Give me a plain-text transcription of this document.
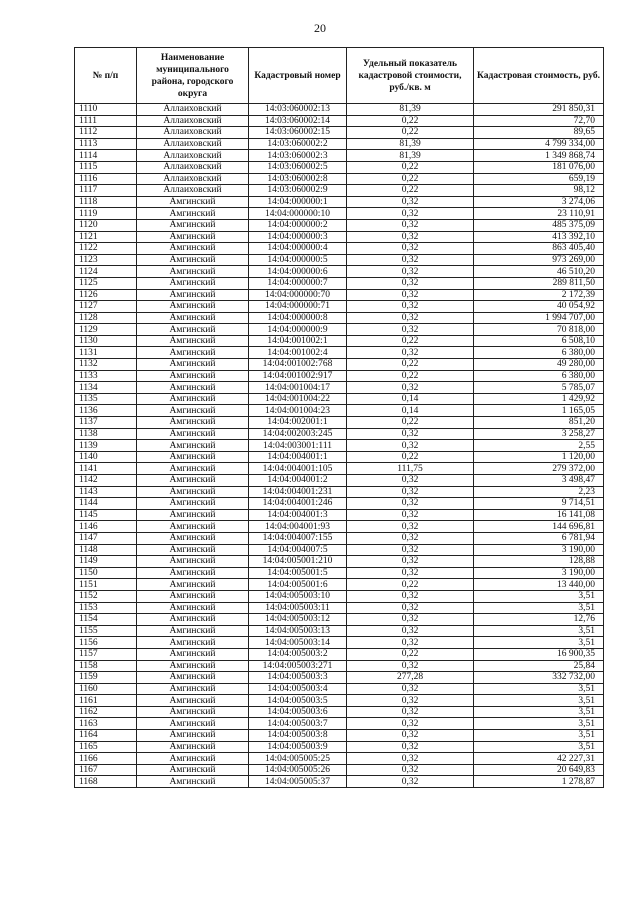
20
№ п/п	Наименование муниципального района, городского округа	Кадастровый номер	Удельный показатель кадастровой стоимости, руб./кв. м	Кадастровая стоимость, руб.
1110	Аллаиховский	14:03:060002:13	81,39	291 850,31
1111	Аллаиховский	14:03:060002:14	0,22	72,70
1112	Аллаиховский	14:03:060002:15	0,22	89,65
1113	Аллаиховский	14:03:060002:2	81,39	4 799 334,00
1114	Аллаиховский	14:03:060002:3	81,39	1 349 868,74
1115	Аллаиховский	14:03:060002:5	0,22	181 076,00
1116	Аллаиховский	14:03:060002:8	0,22	659,19
1117	Аллаиховский	14:03:060002:9	0,22	98,12
1118	Амгинский	14:04:000000:1	0,32	3 274,06
1119	Амгинский	14:04:000000:10	0,32	23 110,91
1120	Амгинский	14:04:000000:2	0,32	485 375,09
1121	Амгинский	14:04:000000:3	0,32	413 392,10
1122	Амгинский	14:04:000000:4	0,32	863 405,40
1123	Амгинский	14:04:000000:5	0,32	973 269,00
1124	Амгинский	14:04:000000:6	0,32	46 510,20
1125	Амгинский	14:04:000000:7	0,32	289 811,50
1126	Амгинский	14:04:000000:70	0,32	2 172,39
1127	Амгинский	14:04:000000:71	0,32	40 054,92
1128	Амгинский	14:04:000000:8	0,32	1 994 707,00
1129	Амгинский	14:04:000000:9	0,32	70 818,00
1130	Амгинский	14:04:001002:1	0,22	6 508,10
1131	Амгинский	14:04:001002:4	0,32	6 380,00
1132	Амгинский	14:04:001002:768	0,22	49 280,00
1133	Амгинский	14:04:001002:917	0,22	6 380,00
1134	Амгинский	14:04:001004:17	0,32	5 785,07
1135	Амгинский	14:04:001004:22	0,14	1 429,92
1136	Амгинский	14:04:001004:23	0,14	1 165,05
1137	Амгинский	14:04:002001:1	0,22	851,20
1138	Амгинский	14:04:002003:245	0,32	3 258,27
1139	Амгинский	14:04:003001:111	0,32	2,55
1140	Амгинский	14:04:004001:1	0,22	1 120,00
1141	Амгинский	14:04:004001:105	111,75	279 372,00
1142	Амгинский	14:04:004001:2	0,32	3 498,47
1143	Амгинский	14:04:004001:231	0,32	2,23
1144	Амгинский	14:04:004001:246	0,32	9 714,51
1145	Амгинский	14:04:004001:3	0,32	16 141,08
1146	Амгинский	14:04:004001:93	0,32	144 696,81
1147	Амгинский	14:04:004007:155	0,32	6 781,94
1148	Амгинский	14:04:004007:5	0,32	3 190,00
1149	Амгинский	14:04:005001:210	0,32	128,88
1150	Амгинский	14:04:005001:5	0,32	3 190,00
1151	Амгинский	14:04:005001:6	0,22	13 440,00
1152	Амгинский	14:04:005003:10	0,32	3,51
1153	Амгинский	14:04:005003:11	0,32	3,51
1154	Амгинский	14:04:005003:12	0,32	12,76
1155	Амгинский	14:04:005003:13	0,32	3,51
1156	Амгинский	14:04:005003:14	0,32	3,51
1157	Амгинский	14:04:005003:2	0,22	16 900,35
1158	Амгинский	14:04:005003:271	0,32	25,84
1159	Амгинский	14:04:005003:3	277,28	332 732,00
1160	Амгинский	14:04:005003:4	0,32	3,51
1161	Амгинский	14:04:005003:5	0,32	3,51
1162	Амгинский	14:04:005003:6	0,32	3,51
1163	Амгинский	14:04:005003:7	0,32	3,51
1164	Амгинский	14:04:005003:8	0,32	3,51
1165	Амгинский	14:04:005003:9	0,32	3,51
1166	Амгинский	14:04:005005:25	0,32	42 227,31
1167	Амгинский	14:04:005005:26	0,32	20 649,83
1168	Амгинский	14:04:005005:37	0,32	1 278,87
